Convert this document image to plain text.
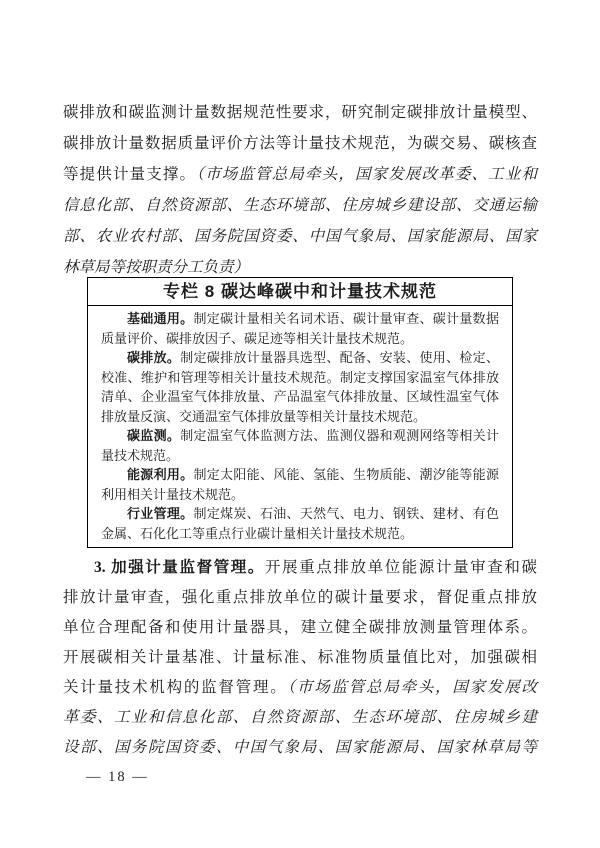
碳排放和碳监测计量数据规范性要求，研究制定碳排放计量模型、
碳排放计量数据质量评价方法等计量技术规范，为碳交易、碳核查
等提供计量支撑。（市场监管总局牵头，国家发展改革委、工业和
信息化部、自然资源部、生态环境部、住房城乡建设部、交通运输
部、农业农村部、国务院国资委、中国气象局、国家能源局、国家
林草局等按职责分工负责）
专栏 8 碳达峰碳中和计量技术规范
基础通用。制定碳计量相关名词术语、碳计量审查、碳计量数据
质量评价、碳排放因子、碳足迹等相关计量技术规范。
碳排放。制定碳排放计量器具选型、配备、安装、使用、检定、
校准、维护和管理等相关计量技术规范。制定支撑国家温室气体排放
清单、企业温室气体排放量、产品温室气体排放量、区域性温室气体
排放量反演、交通温室气体排放量等相关计量技术规范。
碳监测。制定温室气体监测方法、监测仪器和观测网络等相关计
量技术规范。
能源利用。制定太阳能、风能、氢能、生物质能、潮汐能等能源
利用相关计量技术规范。
行业管理。制定煤炭、石油、天然气、电力、钢铁、建材、有色
金属、石化化工等重点行业碳计量相关计量技术规范。
3. 加强计量监督管理。开展重点排放单位能源计量审查和碳
排放计量审查，强化重点排放单位的碳计量要求，督促重点排放
单位合理配备和使用计量器具，建立健全碳排放测量管理体系。
开展碳相关计量基准、计量标准、标准物质量值比对，加强碳相
关计量技术机构的监督管理。（市场监管总局牵头，国家发展改
革委、工业和信息化部、自然资源部、生态环境部、住房城乡建
设部、国务院国资委、中国气象局、国家能源局、国家林草局等
— 18 —
